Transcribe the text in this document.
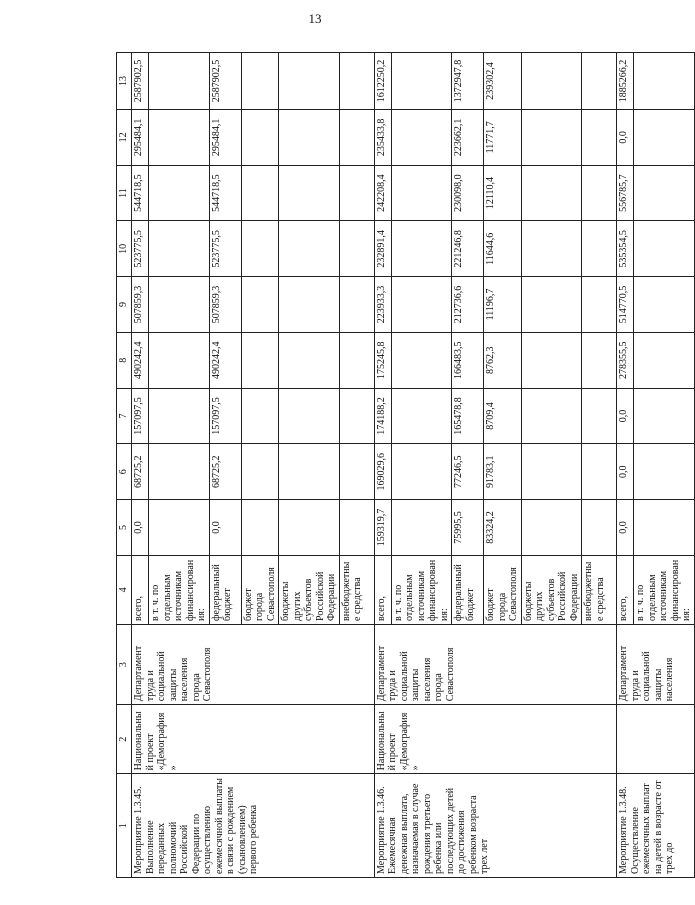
13
1	2	3	4	5	6	7	8	9	10	11	12	13
Мероприятие 1.3.45. Выполнение переданных полномочий Российской Федерации по осуществлению ежемесячной выплаты в связи с рождением (усыновлением) первого ребенка	Национальный проект «Демография»	Департамент труда и социальной защиты населения города Севастополя	всего,	0,0	68725,2	157097,5	490242,4	507859,3	523775,5	544718,5	295484,1	2587902,5
			в т. ч. по отдельным источникам финансирования:									
			федеральный бюджет	0,0	68725,2	157097,5	490242,4	507859,3	523775,5	544718,5	295484,1	2587902,5
			бюджет города Севастополя									
			бюджеты других субъектов Российской Федерации									
			внебюджетные средства									
Мероприятие 1.3.46. Ежемесячная денежная выплата, назначаемая в случае рождения третьего ребенка или последующих детей до достижения ребенком возраста трех лет	Национальный проект «Демография»	Департамент труда и социальной защиты населения города Севастополя	всего,	159319,7	169029,6	174188,2	175245,8	223933,3	232891,4	242208,4	235433,8	1612250,2
			в т. ч. по отдельным источникам финансирования:									
			федеральный бюджет	75995,5	77246,5	165478,8	166483,5	212736,6	221246,8	230098,0	223662,1	1372947,8
			бюджет города Севастополя	83324,2	91783,1	8709,4	8762,3	11196,7	11644,6	12110,4	11771,7	239302,4
			бюджеты других субъектов Российской Федерации									
			внебюджетные средства									
Мероприятие 1.3.48. Осуществление ежемесячных выплат на детей в возрасте от трех до		Департамент труда и социальной защиты населения	всего,	0,0	0,0	0,0	278355,5	514770,5	535354,5	556785,7	0,0	1885266,2
			в т. ч. по отдельным источникам финансирования:									
